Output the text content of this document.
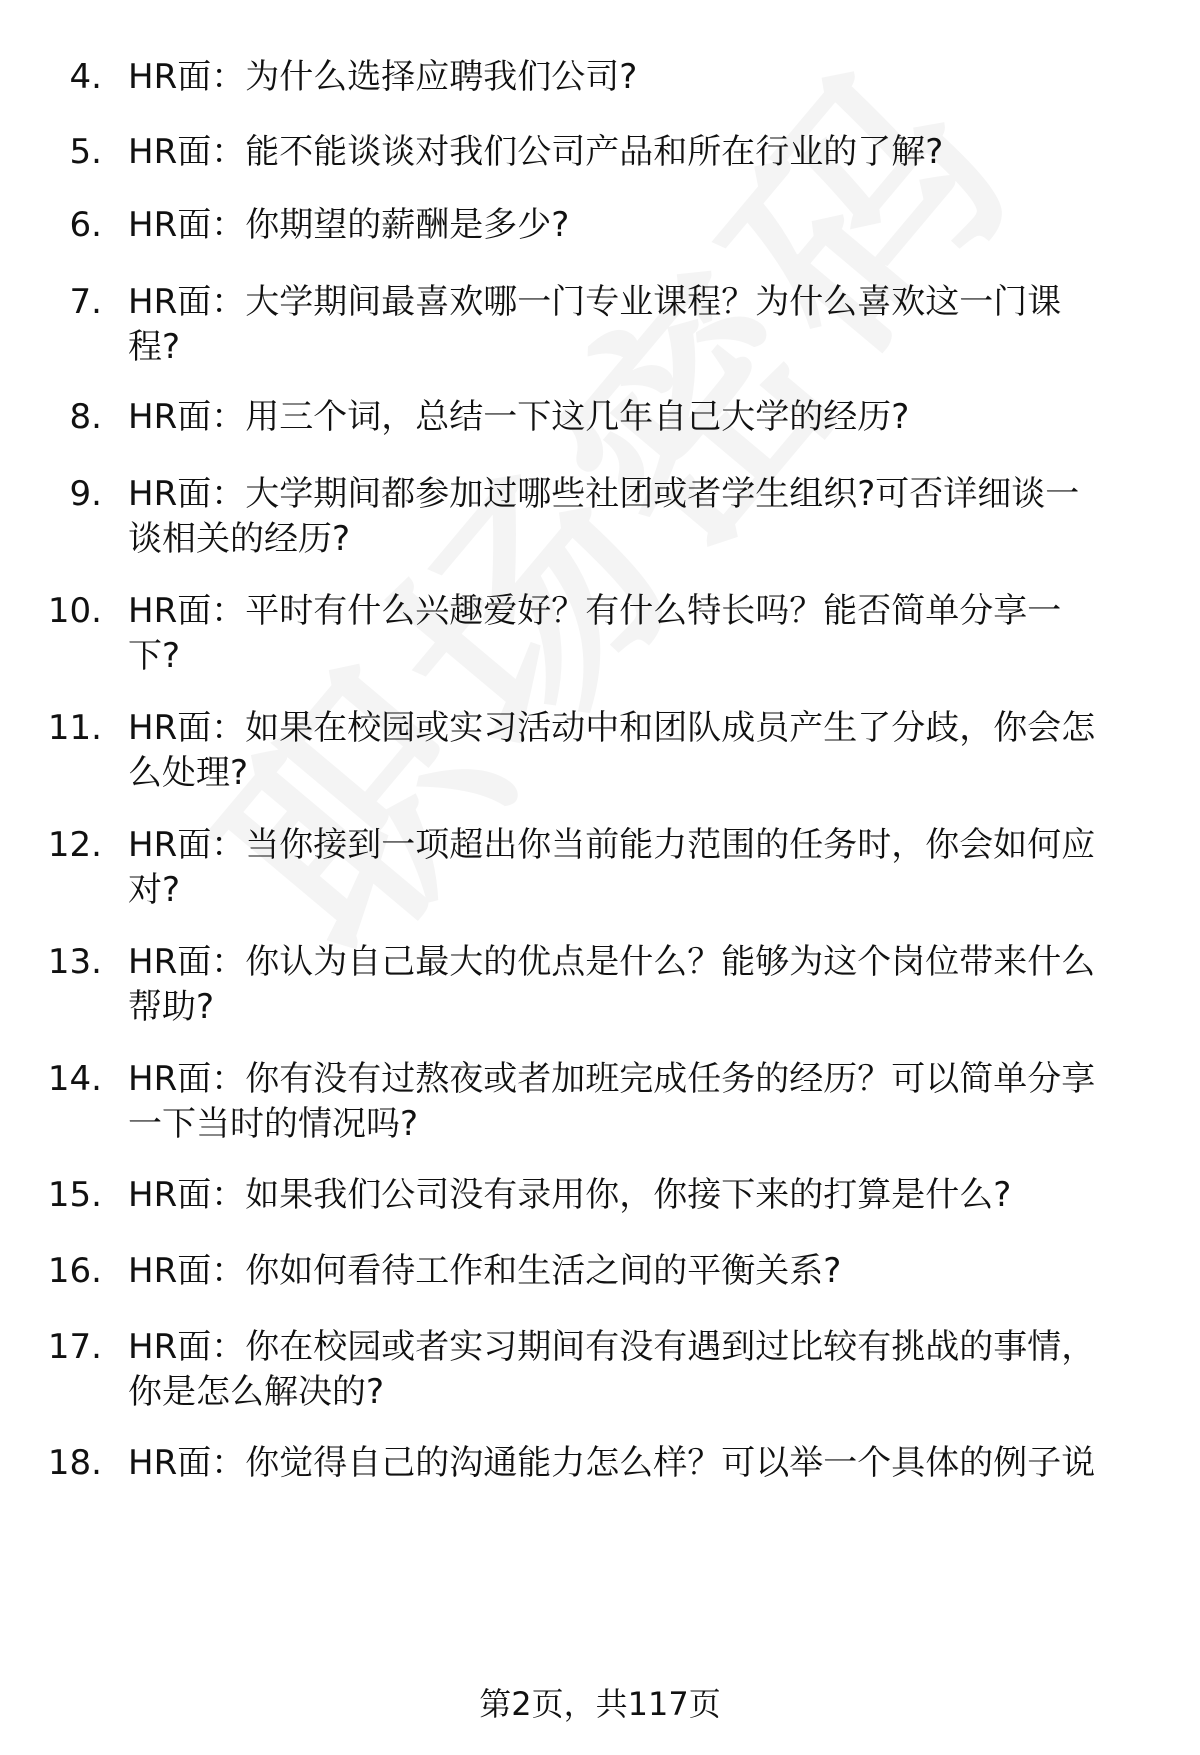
4. HR面：为什么选择应聘我们公司?
5. HR面：能不能谈谈对我们公司产品和所在行业的了解?
6. HR面：你期望的薪酬是多少?
7. HR面：大学期间最喜欢哪一门专业课程？为什么喜欢这一门课
程?
8. HR面：用三个词，总结一下这几年自己大学的经历?
9. HR面：大学期间都参加过哪些社团或者学生组织?可否详细谈一
谈相关的经历?
10. HR面：平时有什么兴趣爱好？有什么特长吗？能否简单分享一
下?
11. HR面：如果在校园或实习活动中和团队成员产生了分歧，你会怎
么处理?
12. HR面：当你接到一项超出你当前能力范围的任务时，你会如何应
对?
13. HR面：你认为自己最大的优点是什么？能够为这个岗位带来什么
帮助?
14. HR面：你有没有过熬夜或者加班完成任务的经历？可以简单分享
一下当时的情况吗?
15. HR面：如果我们公司没有录用你，你接下来的打算是什么?
16. HR面：你如何看待工作和生活之间的平衡关系?
17. HR面：你在校园或者实习期间有没有遇到过比较有挑战的事情，
你是怎么解决的?
18. HR面：你觉得自己的沟通能力怎么样？可以举一个具体的例子说
第2页，共117页
